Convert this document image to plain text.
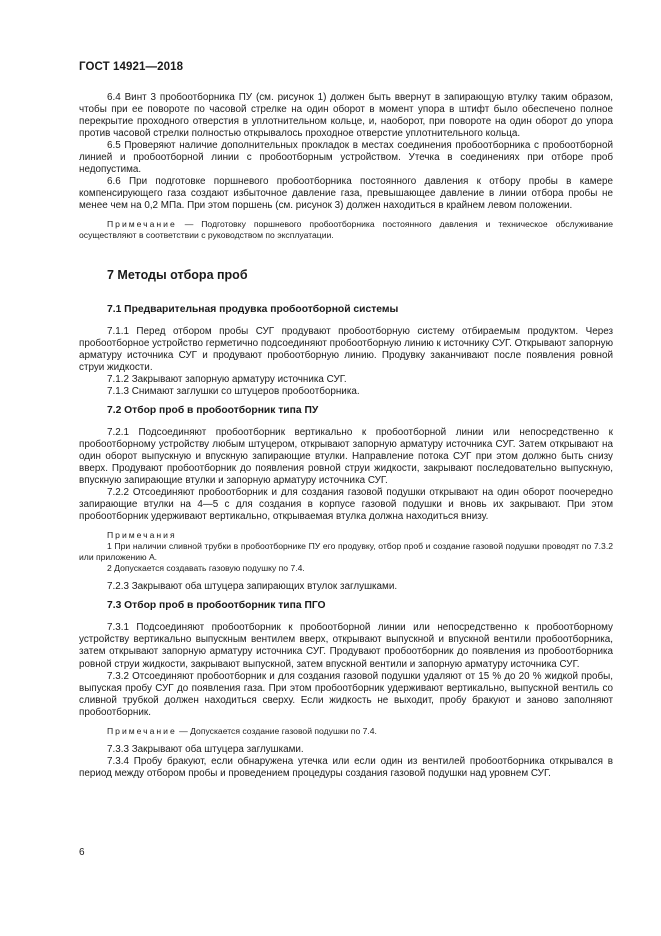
ГОСТ 14921—2018

6.4 Винт 3 пробоотборника ПУ (см. рисунок 1) должен быть ввернут в запирающую втулку таким образом, чтобы при ее повороте по часовой стрелке на один оборот в момент упора в штифт было обеспечено полное перекрытие проходного отверстия в уплотнительном кольце, и, наоборот, при повороте на один оборот до упора против часовой стрелки полностью открывалось проходное отверстие уплотнительного кольца.

6.5 Проверяют наличие дополнительных прокладок в местах соединения пробоотборника с пробоотборной линией и пробоотборной линии с пробоотборным устройством. Утечка в соединениях при отборе проб недопустима.

6.6 При подготовке поршневого пробоотборника постоянного давления к отбору пробы в камере компенсирующего газа создают избыточное давление газа, превышающее давление в линии отбора пробы не менее чем на 0,2 МПа. При этом поршень (см. рисунок 3) должен находиться в крайнем левом положении.

Примечание — Подготовку поршневого пробоотборника постоянного давления и техническое обслуживание осуществляют в соответствии с руководством по эксплуатации.

7 Методы отбора проб

7.1 Предварительная продувка пробоотборной системы

7.1.1 Перед отбором пробы СУГ продувают пробоотборную систему отбираемым продуктом. Через пробоотборное устройство герметично подсоединяют пробоотборную линию к источнику СУГ. Открывают запорную арматуру источника СУГ и продувают пробоотборную линию. Продувку заканчивают после появления ровной струи жидкости.

7.1.2 Закрывают запорную арматуру источника СУГ.

7.1.3 Снимают заглушки со штуцеров пробоотборника.

7.2 Отбор проб в пробоотборник типа ПУ

7.2.1 Подсоединяют пробоотборник вертикально к пробоотборной линии или непосредственно к пробоотборному устройству любым штуцером, открывают запорную арматуру источника СУГ. Затем открывают на один оборот выпускную и впускную запирающие втулки. Направление потока СУГ при этом должно быть снизу вверх. Продувают пробоотборник до появления ровной струи жидкости, закрывают последовательно выпускную, впускную запирающие втулки и запорную арматуру источника СУГ.

7.2.2 Отсоединяют пробоотборник и для создания газовой подушки открывают на один оборот поочередно запирающие втулки на 4—5 с для создания в корпусе газовой подушки и вновь их закрывают. При этом пробоотборник удерживают вертикально, открываемая втулка должна находиться внизу.

Примечания

1 При наличии сливной трубки в пробоотборнике ПУ его продувку, отбор проб и создание газовой подушки проводят по 7.3.2 или приложению А.

2 Допускается создавать газовую подушку по 7.4.

7.2.3 Закрывают оба штуцера запирающих втулок заглушками.

7.3 Отбор проб в пробоотборник типа ПГО

7.3.1 Подсоединяют пробоотборник к пробоотборной линии или непосредственно к пробоотборному устройству вертикально выпускным вентилем вверх, открывают выпускной и впускной вентили пробоотборника, затем открывают запорную арматуру источника СУГ. Продувают пробоотборник до появления из пробоотборника ровной струи жидкости, закрывают выпускной, затем впускной вентили и запорную арматуру источника СУГ.

7.3.2 Отсоединяют пробоотборник и для создания газовой подушки удаляют от 15 % до 20 % жидкой пробы, выпуская пробу СУГ до появления газа. При этом пробоотборник удерживают вертикально, выпускной вентиль со сливной трубкой должен находиться сверху. Если жидкость не выходит, пробу бракуют и заново заполняют пробоотборник.

Примечание — Допускается создание газовой подушки по 7.4.

7.3.3 Закрывают оба штуцера заглушками.

7.3.4 Пробу бракуют, если обнаружена утечка или если один из вентилей пробоотборника открывался в период между отбором пробы и проведением процедуры создания газовой подушки над уровнем СУГ.

6
